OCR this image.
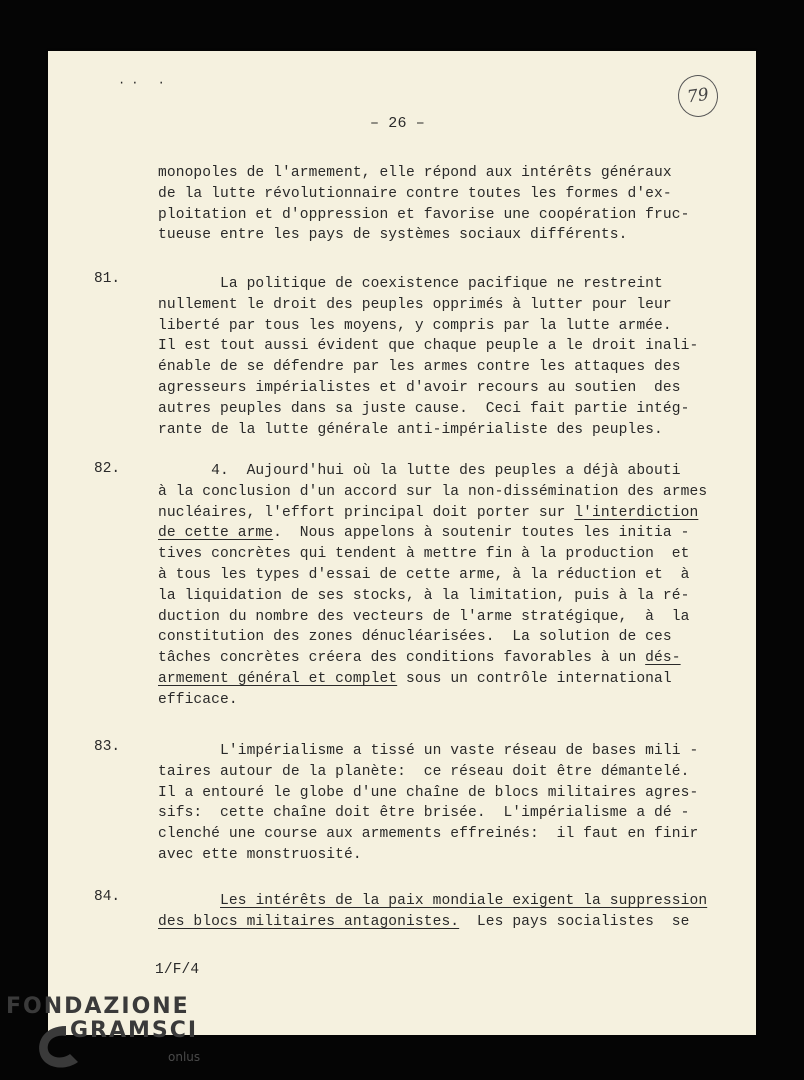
·· ·
79
– 26 –
monopoles de l'armement, elle répond aux intérêts généraux
de la lutte révolutionnaire contre toutes les formes d'ex-
ploitation et d'oppression et favorise une coopération fruc-
tueuse entre les pays de systèmes sociaux différents.
81.	La politique de coexistence pacifique ne restreint
nullement le droit des peuples opprimés à lutter pour leur
liberté par tous les moyens, y compris par la lutte armée.
Il est tout aussi évident que chaque peuple a le droit inali-
énable de se défendre par les armes contre les attaques des
agresseurs impérialistes et d'avoir recours au soutien  des
autres peuples dans sa juste cause.  Ceci fait partie intég-
rante de la lutte générale anti-impérialiste des peuples.
82.	4.  Aujourd'hui où la lutte des peuples a déjà abouti
à la conclusion d'un accord sur la non-dissémination des armes
nucléaires, l'effort principal doit porter sur l'interdiction
de cette arme.  Nous appelons à soutenir toutes les initia -
tives concrètes qui tendent à mettre fin à la production  et
à tous les types d'essai de cette arme, à la réduction et  à
la liquidation de ses stocks, à la limitation, puis à la ré-
duction du nombre des vecteurs de l'arme stratégique,  à  la
constitution des zones dénucléarisées.  La solution de ces
tâches concrètes créera des conditions favorables à un dés-
armement général et complet sous un contrôle international
efficace.
83.	L'impérialisme a tissé un vaste réseau de bases mili -
taires autour de la planète:  ce réseau doit être démantelé.
Il a entouré le globe d'une chaîne de blocs militaires agres-
sifs:  cette chaîne doit être brisée.  L'impérialisme a dé -
clenché une course aux armements effreinés:  il faut en finir
avec ette monstruosité.
84.	Les intérêts de la paix mondiale exigent la suppression
des blocs militaires antagonistes.  Les pays socialistes  se
1/F/4
FONDAZIONE
GRAMSCI
onlus
